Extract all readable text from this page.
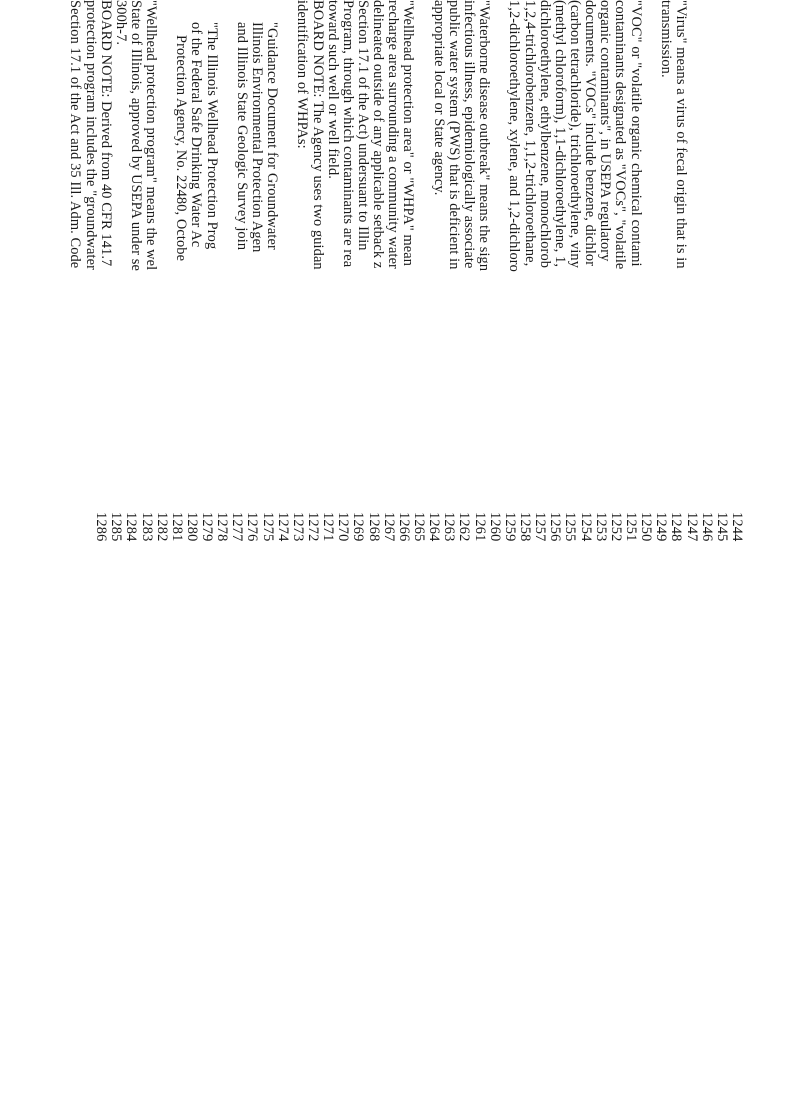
1244
1245
1246
1247
1248
1249
1250
1251
1252
1253
1254
1255
1256
1257
1258
1259
1260
1261
1262
1263
1264
1265
1266
1267
1268
1269
1270
1271
1272
1273
1274
1275
1276
1277
1278
1279
1280
1281
1282
1283
1284
1285
1286
"Virus" means a virus of fecal origin that is in
transmission.
"VOC" or "volatile organic chemical contami
contaminants designated as "VOCs", "volatile
organic contaminants", in USEPA regulatory
documents. "VOCs" include benzene, dichlor
(carbon tetrachloride), trichloroethylene, viny
(methyl chloroform), 1,1-dichloroethylene, 1,
dichloroethylene, ethylbenzene, monochlorob
1,2,4-trichlorobenzene, 1,1,2-trichloroethane,
1,2-dichloroethylene, xylene, and 1,2-dichloro
"Waterborne disease outbreak" means the sign
infectious illness, epidemiologically associate
public water system (PWS) that is deficient in
appropriate local or State agency.
"Wellhead protection area" or "WHPA" mean
recharge area surrounding a community water
delineated outside of any applicable setback z
Section 17.1 of the Act) undersuant to Illin
Program, through which contaminants are rea
toward such well or well field.
BOARD NOTE: The Agency uses two guidan
identification of WHPAs:
"Guidance Document for Groundwater
Illinois Environmental Protection Agen
and Illinois State Geologic Survey join
"The Illinois Wellhead Protection Prog
of the Federal Safe Drinking Water Ac
Protection Agency, No. 22480, Octobe
"Wellhead protection program" means the wel
State of Illinois, approved by USEPA under se
300h-7.
BOARD NOTE: Derived from 40 CFR 141.7
protection program includes the "groundwater
Section 17.1 of the Act and 35 Ill. Adm. Code
